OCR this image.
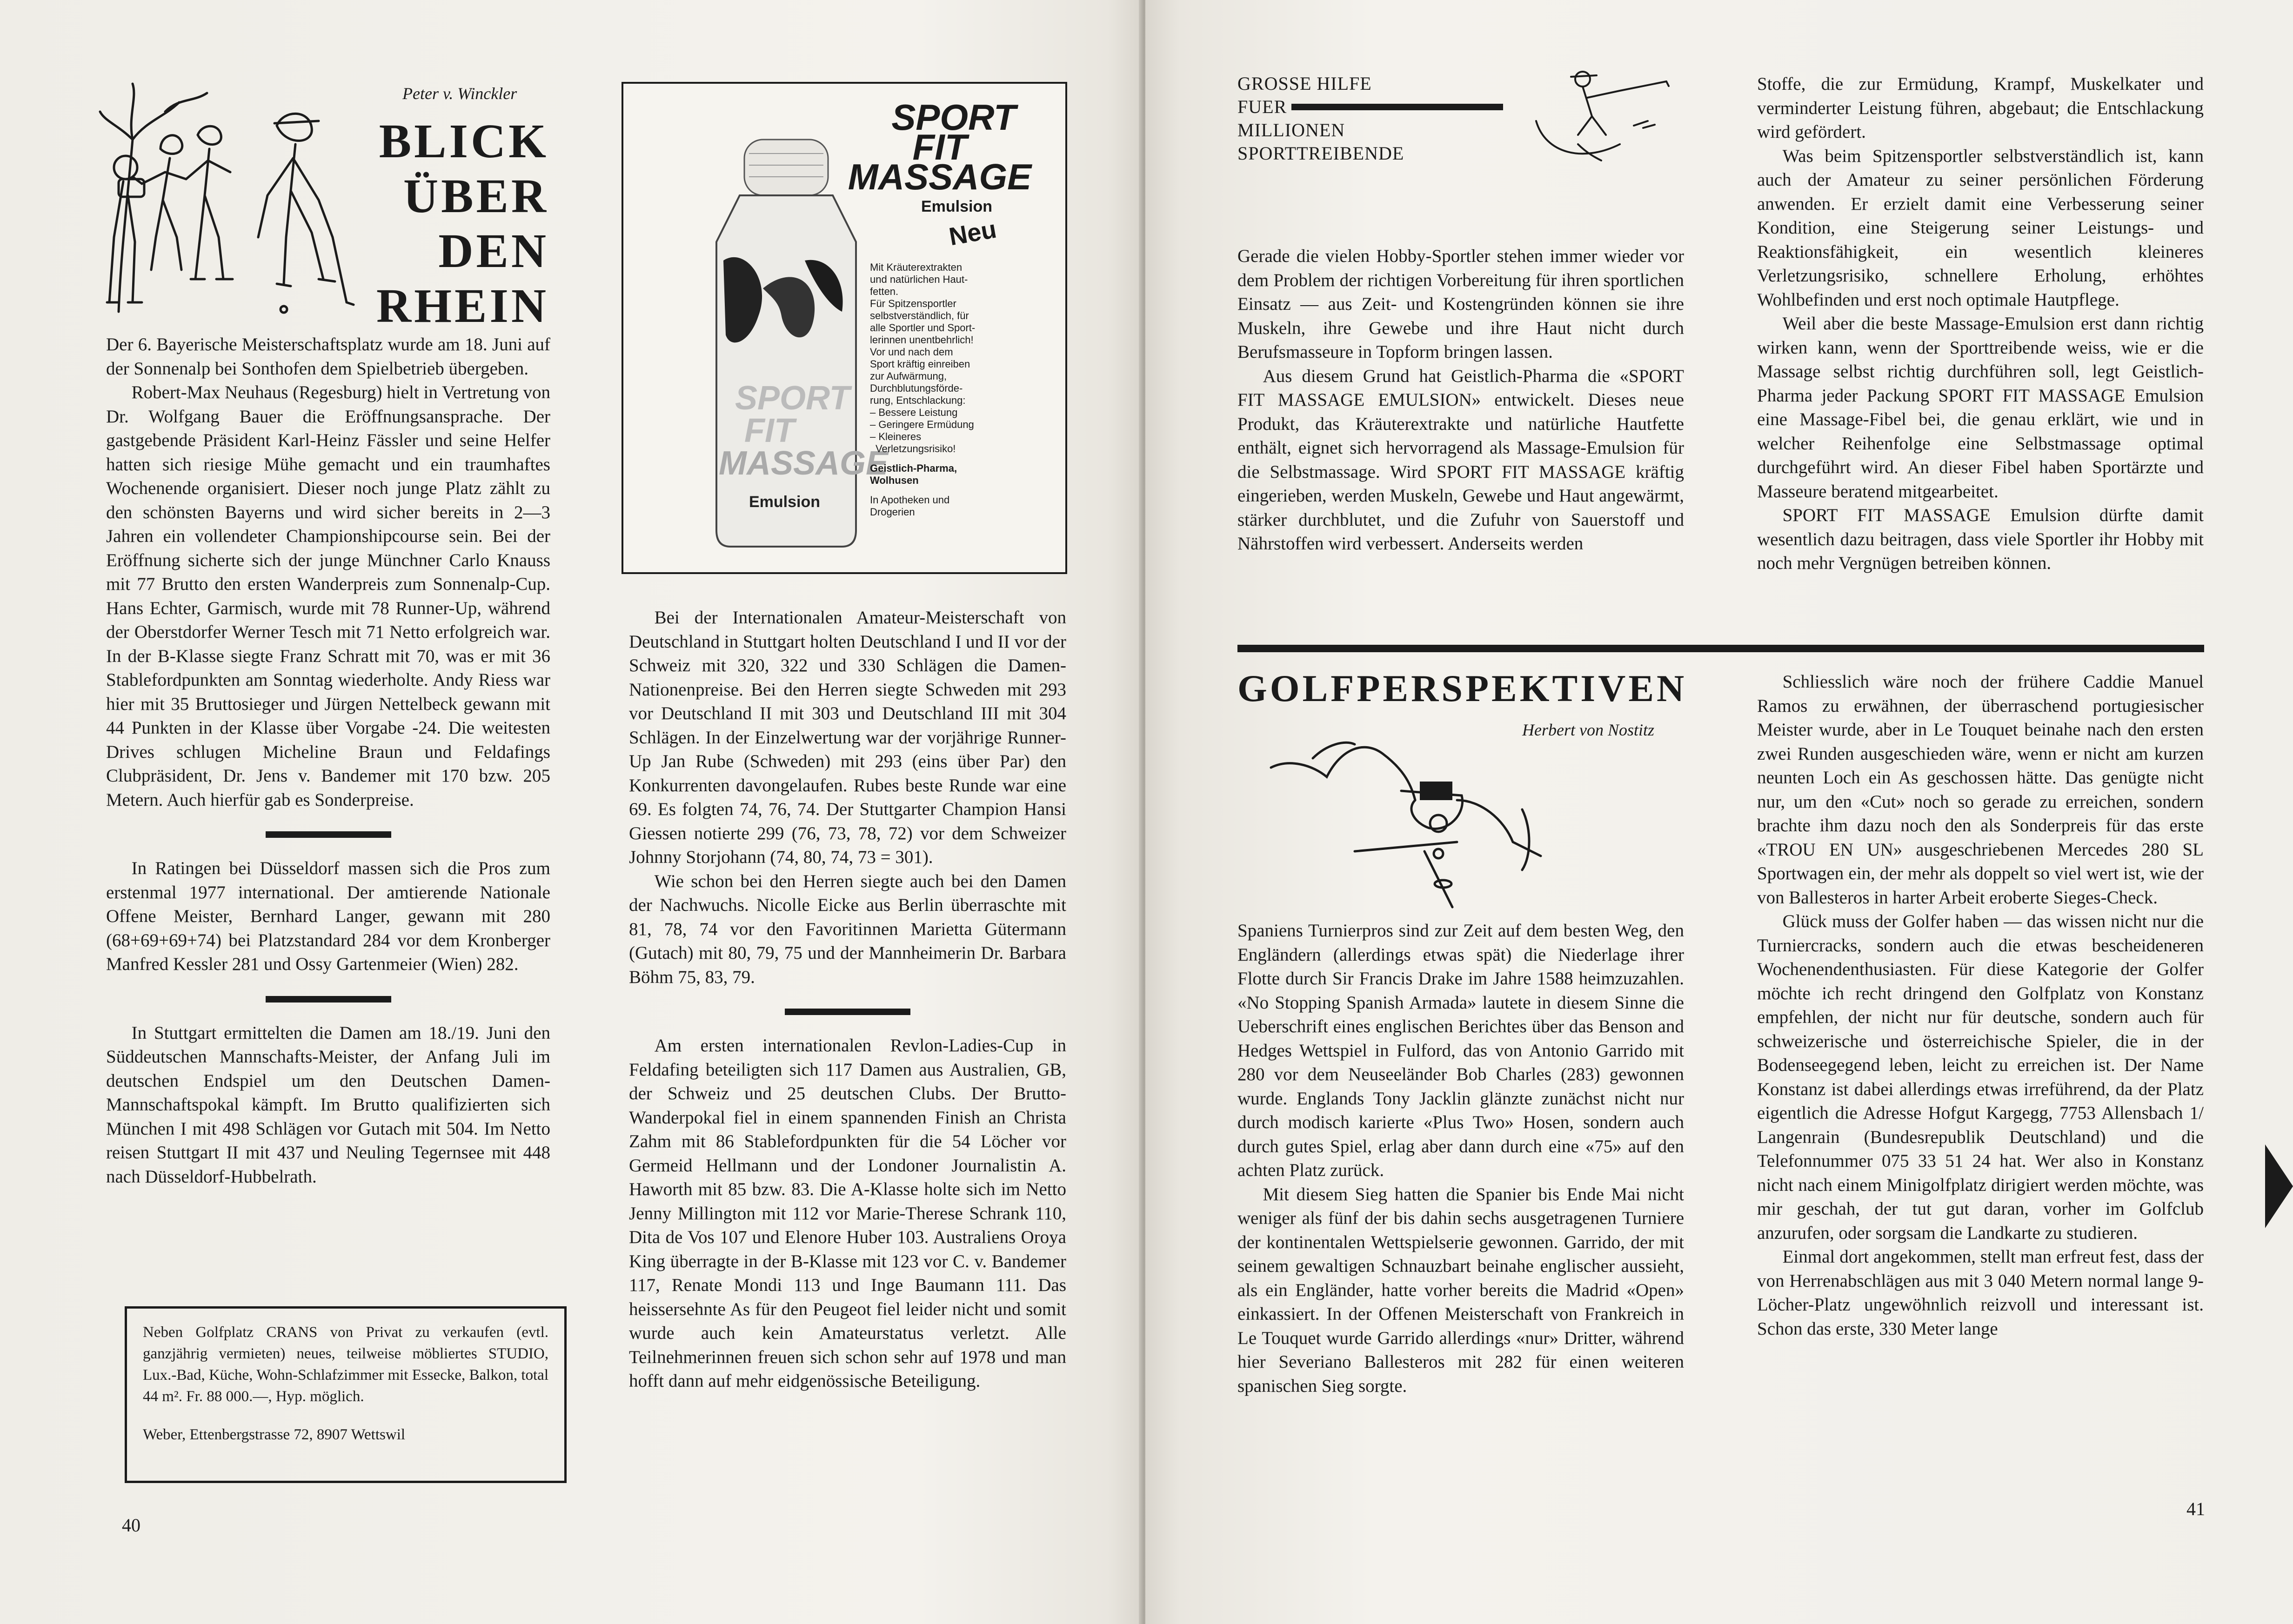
Peter v. Winckler
BLICK
ÜBER
DEN
RHEIN

Der 6. Bayerische Meisterschaftsplatz wurde am 18. Juni auf der Sonnenalp bei Sonthofen dem Spielbetrieb übergeben.

Robert-Max Neuhaus (Regesburg) hielt in Vertretung von Dr. Wolfgang Bauer die Eröffnungsansprache. Der gastgebende Präsident Karl-Heinz Fässler und seine Helfer hatten sich riesige Mühe gemacht und ein traumhaftes Wochenende organisiert. Dieser noch junge Platz zählt zu den schönsten Bayerns und wird sicher bereits in 2—3 Jahren ein vollendeter Championshipcourse sein. Bei der Eröffnung sicherte sich der junge Münchner Carlo Knauss mit 77 Brutto den ersten Wanderpreis zum Sonnenalp-Cup. Hans Echter, Garmisch, wurde mit 78 Runner-Up, während der Oberstdorfer Werner Tesch mit 71 Netto erfolgreich war. In der B-Klasse siegte Franz Schratt mit 70, was er mit 36 Stablefordpunkten am Sonntag wiederholte. Andy Riess war hier mit 35 Bruttosieger und Jürgen Nettelbeck gewann mit 44 Punkten in der Klasse über Vorgabe -24. Die weitesten Drives schlugen Micheline Braun und Feldafings Clubpräsident, Dr. Jens v. Bandemer mit 170 bzw. 205 Metern. Auch hierfür gab es Sonderpreise.

In Ratingen bei Düsseldorf massen sich die Pros zum erstenmal 1977 international. Der amtierende Nationale Offene Meister, Bernhard Langer, gewann mit 280 (68+69+69+74) bei Platzstandard 284 vor dem Kronberger Manfred Kessler 281 und Ossy Gartenmeier (Wien) 282.

In Stuttgart ermittelten die Damen am 18./19. Juni den Süddeutschen Mannschafts-Meister, der Anfang Juli im deutschen Endspiel um den Deutschen Damen-Mannschaftspokal kämpft. Im Brutto qualifizierten sich München I mit 498 Schlägen vor Gutach mit 504. Im Netto reisen Stuttgart II mit 437 und Neuling Tegernsee mit 448 nach Düsseldorf-Hubbelrath.

Neben Golfplatz CRANS von Privat zu verkaufen (evtl. ganzjährig vermieten) neues, teilweise möbliertes STUDIO, Lux.-Bad, Küche, Wohn-Schlafzimmer mit Essecke, Balkon, total 44 m². Fr. 88 000.—, Hyp. möglich.
Weber, Ettenbergstrasse 72, 8907 Wettswil
40
SPORT
FIT
MASSAGE
Emulsion
SPORT
FIT
MASSAGE
Emulsion
Neu
Mit Kräuterextrakten
und natürlichen Haut-
fetten.
Für Spitzensportler
selbstverständlich, für
alle Sportler und Sport-
lerinnen unentbehrlich!
Vor und nach dem
Sport kräftig einreiben
zur Aufwärmung,
Durchblutungsförde-
rung, Entschlackung:
– Bessere Leistung
– Geringere Ermüdung
– Kleineres
Verletzungsrisiko!
Geistlich-Pharma,
Wolhusen
In Apotheken und
Drogerien

Bei der Internationalen Amateur-Meisterschaft von Deutschland in Stuttgart holten Deutschland I und II vor der Schweiz mit 320, 322 und 330 Schlägen die Damen-Nationenpreise. Bei den Herren siegte Schweden mit 293 vor Deutschland II mit 303 und Deutschland III mit 304 Schlägen. In der Einzelwertung war der vorjährige Runner-Up Jan Rube (Schweden) mit 293 (eins über Par) den Konkurrenten davongelaufen. Rubes beste Runde war eine 69. Es folgten 74, 76, 74. Der Stuttgarter Champion Hansi Giessen notierte 299 (76, 73, 78, 72) vor dem Schweizer Johnny Storjohann (74, 80, 74, 73 = 301).

Wie schon bei den Herren siegte auch bei den Damen der Nachwuchs. Nicolle Eicke aus Berlin überraschte mit 81, 78, 74 vor den Favoritinnen Marietta Gütermann (Gutach) mit 80, 79, 75 und der Mannheimerin Dr. Barbara Böhm 75, 83, 79.

Am ersten internationalen Revlon-Ladies-Cup in Feldafing beteiligten sich 117 Damen aus Australien, GB, der Schweiz und 25 deutschen Clubs. Der Brutto-Wanderpokal fiel in einem spannenden Finish an Christa Zahm mit 86 Stablefordpunkten für die 54 Löcher vor Germeid Hellmann und der Londoner Journalistin A. Haworth mit 85 bzw. 83. Die A-Klasse holte sich im Netto Jenny Millington mit 112 vor Marie-Therese Schrank 110, Dita de Vos 107 und Elenore Huber 103. Australiens Oroya King überragte in der B-Klasse mit 123 vor C. v. Bandemer 117, Renate Mondi 113 und Inge Baumann 111. Das heissersehnte As für den Peugeot fiel leider nicht und somit wurde auch kein Amateurstatus verletzt. Alle Teilnehmerinnen freuen sich schon sehr auf 1978 und man hofft dann auf mehr eidgenössische Beteiligung.

GROSSE HILFE
FUER
MILLIONEN
SPORTTREIBENDE

Gerade die vielen Hobby-Sportler stehen immer wieder vor dem Problem der richtigen Vorbereitung für ihren sportlichen Einsatz — aus Zeit- und Kostengründen können sie ihre Muskeln, ihre Gewebe und ihre Haut nicht durch Berufsmasseure in Topform bringen lassen.

Aus diesem Grund hat Geistlich-Pharma die «SPORT FIT MASSAGE EMULSION» entwickelt. Dieses neue Produkt, das Kräuterextrakte und natürliche Hautfette enthält, eignet sich hervorragend als Massage-Emulsion für die Selbstmassage. Wird SPORT FIT MASSAGE kräftig eingerieben, werden Muskeln, Gewebe und Haut angewärmt, stärker durchblutet, und die Zufuhr von Sauerstoff und Nährstoffen wird verbessert. Anderseits werden

Stoffe, die zur Ermüdung, Krampf, Muskelkater und verminderter Leistung führen, abgebaut; die Entschlackung wird gefördert.

Was beim Spitzensportler selbstverständlich ist, kann auch der Amateur zu seiner persönlichen Förderung anwenden. Er erzielt damit eine Verbesserung seiner Kondition, eine Steigerung seiner Leistungs- und Reaktionsfähigkeit, ein wesentlich kleineres Verletzungsrisiko, schnellere Erholung, erhöhtes Wohlbefinden und erst noch optimale Hautpflege.

Weil aber die beste Massage-Emulsion erst dann richtig wirken kann, wenn der Sporttreibende weiss, wie er die Massage selbst richtig durchführen soll, legt Geistlich-Pharma jeder Packung SPORT FIT MASSAGE Emulsion eine Massage-Fibel bei, die genau erklärt, wie und in welcher Reihenfolge eine Selbstmassage optimal durchgeführt wird. An dieser Fibel haben Sportärzte und Masseure beratend mitgearbeitet.

SPORT FIT MASSAGE Emulsion dürfte damit wesentlich dazu beitragen, dass viele Sportler ihr Hobby mit noch mehr Vergnügen betreiben können.

GOLFPERSPEKTIVEN
Herbert von Nostitz

Spaniens Turnierpros sind zur Zeit auf dem besten Weg, den Engländern (allerdings etwas spät) die Niederlage ihrer Flotte durch Sir Francis Drake im Jahre 1588 heimzuzahlen. «No Stopping Spanish Armada» lautete in diesem Sinne die Ueberschrift eines englischen Berichtes über das Benson and Hedges Wettspiel in Fulford, das von Antonio Garrido mit 280 vor dem Neuseeländer Bob Charles (283) gewonnen wurde. Englands Tony Jacklin glänzte zunächst nicht nur durch modisch karierte «Plus Two» Hosen, sondern auch durch gutes Spiel, erlag aber dann durch eine «75» auf den achten Platz zurück.

Mit diesem Sieg hatten die Spanier bis Ende Mai nicht weniger als fünf der bis dahin sechs ausgetragenen Turniere der kontinentalen Wettspielserie gewonnen. Garrido, der mit seinem gewaltigen Schnauzbart beinahe englischer aussieht, als ein Engländer, hatte vorher bereits die Madrid «Open» einkassiert. In der Offenen Meisterschaft von Frankreich in Le Touquet wurde Garrido allerdings «nur» Dritter, während hier Severiano Ballesteros mit 282 für einen weiteren spanischen Sieg sorgte.

Schliesslich wäre noch der frühere Caddie Manuel Ramos zu erwähnen, der überraschend portugiesischer Meister wurde, aber in Le Touquet beinahe nach den ersten zwei Runden ausgeschieden wäre, wenn er nicht am kurzen neunten Loch ein As geschossen hätte. Das genügte nicht nur, um den «Cut» noch so gerade zu erreichen, sondern brachte ihm dazu noch den als Sonderpreis für das erste «TROU EN UN» ausgeschriebenen Mercedes 280 SL Sportwagen ein, der mehr als doppelt so viel wert ist, wie der von Ballesteros in harter Arbeit eroberte Sieges-Check.

Glück muss der Golfer haben — das wissen nicht nur die Turniercracks, sondern auch die etwas bescheideneren Wochenendenthusiasten. Für diese Kategorie der Golfer möchte ich recht dringend den Golfplatz von Konstanz empfehlen, der nicht nur für deutsche, sondern auch für schweizerische und österreichische Spieler, die in der Bodenseegegend leben, leicht zu erreichen ist. Der Name Konstanz ist dabei allerdings etwas irreführend, da der Platz eigentlich die Adresse Hofgut Kargegg, 7753 Allensbach 1/ Langenrain (Bundesrepublik Deutschland) und die Telefonnummer 075 33 51 24 hat. Wer also in Konstanz nicht nach einem Minigolfplatz dirigiert werden möchte, was mir geschah, der tut gut daran, vorher im Golfclub anzurufen, oder sorgsam die Landkarte zu studieren.

Einmal dort angekommen, stellt man erfreut fest, dass der von Herrenabschlägen aus mit 3 040 Metern normal lange 9-Löcher-Platz ungewöhnlich reizvoll und interessant ist. Schon das erste, 330 Meter lange

41
